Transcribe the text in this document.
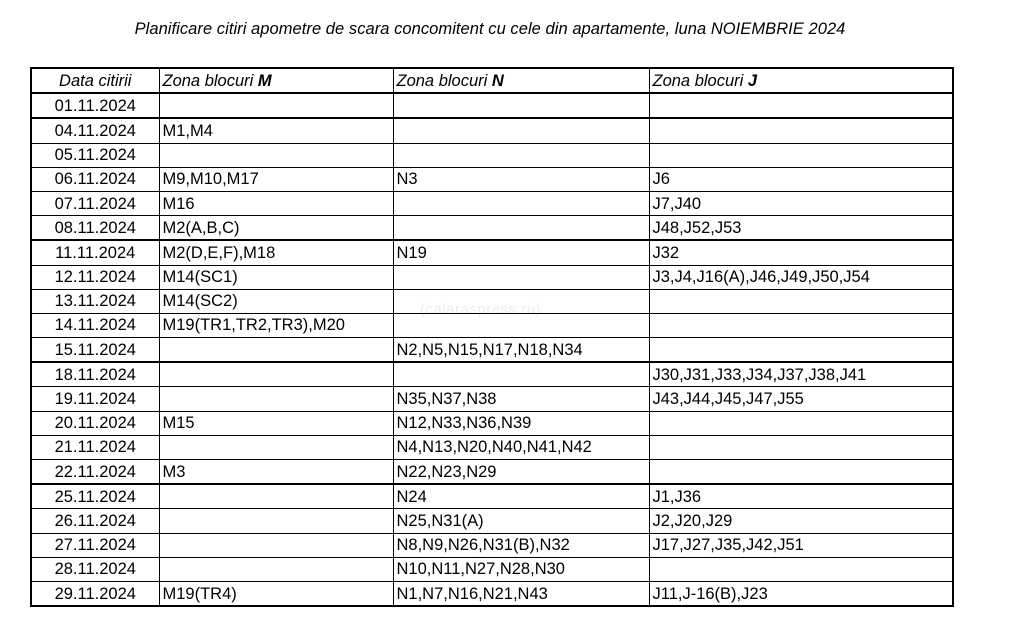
Planificare citiri apometre de scara concomitent cu cele din apartamente, luna NOIEMBRIE 2024
Data citirii	Zona blocuri M	Zona blocuri N	Zona blocuri J
01.11.2024			
04.11.2024	M1,M4		
05.11.2024			
06.11.2024	M9,M10,M17	N3	J6
07.11.2024	M16		J7,J40
08.11.2024	M2(A,B,C)		J48,J52,J53
11.11.2024	M2(D,E,F),M18	N19	J32
12.11.2024	M14(SC1)		J3,J4,J16(A),J46,J49,J50,J54
13.11.2024	M14(SC2)		
14.11.2024	M19(TR1,TR2,TR3),M20		
15.11.2024		N2,N5,N15,N17,N18,N34	
18.11.2024			J30,J31,J33,J34,J37,J38,J41
19.11.2024		N35,N37,N38	J43,J44,J45,J47,J55
20.11.2024	M15	N12,N33,N36,N39	
21.11.2024		N4,N13,N20,N40,N41,N42	
22.11.2024	M3	N22,N23,N29	
25.11.2024		N24	J1,J36
26.11.2024		N25,N31(A)	J2,J20,J29
27.11.2024		N8,N9,N26,N31(B),N32	J17,J27,J35,J42,J51
28.11.2024		N10,N11,N27,N28,N30	
29.11.2024	M19(TR4)	N1,N7,N16,N21,N43	J11,J-16(B),J23
(calaraspress.ru)
